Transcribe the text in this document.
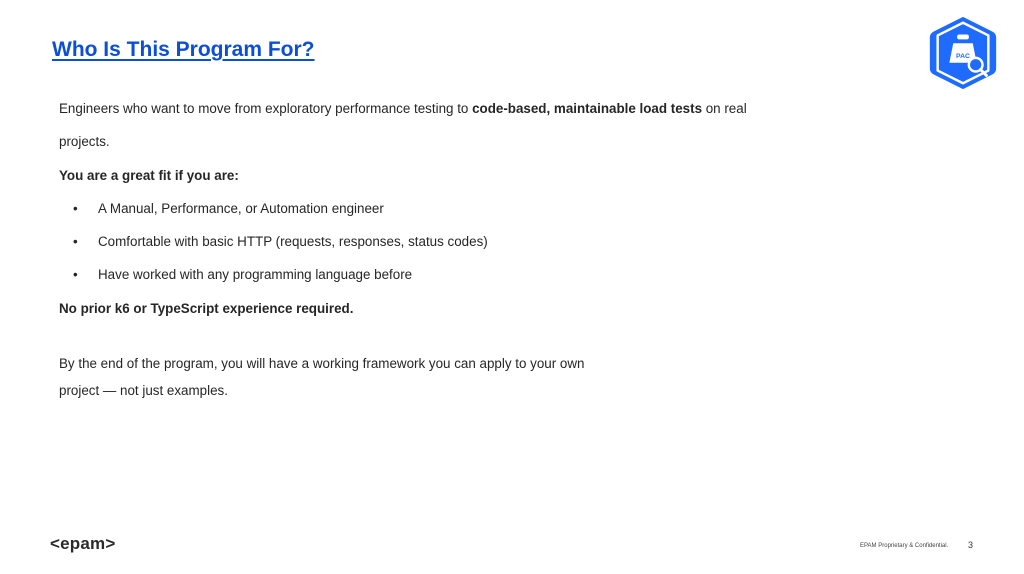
Who Is This Program For?	PAC
Engineers who want to move from exploratory performance testing to code-based, maintainable load tests on real
projects.
You are a great fit if you are:
• A Manual, Performance, or Automation engineer
• Comfortable with basic HTTP (requests, responses, status codes)
• Have worked with any programming language before
No prior k6 or TypeScript experience required.
By the end of the program, you will have a working framework you can apply to your own
project — not just examples.
<epam>	EPAM Proprietary & Confidential. 3
